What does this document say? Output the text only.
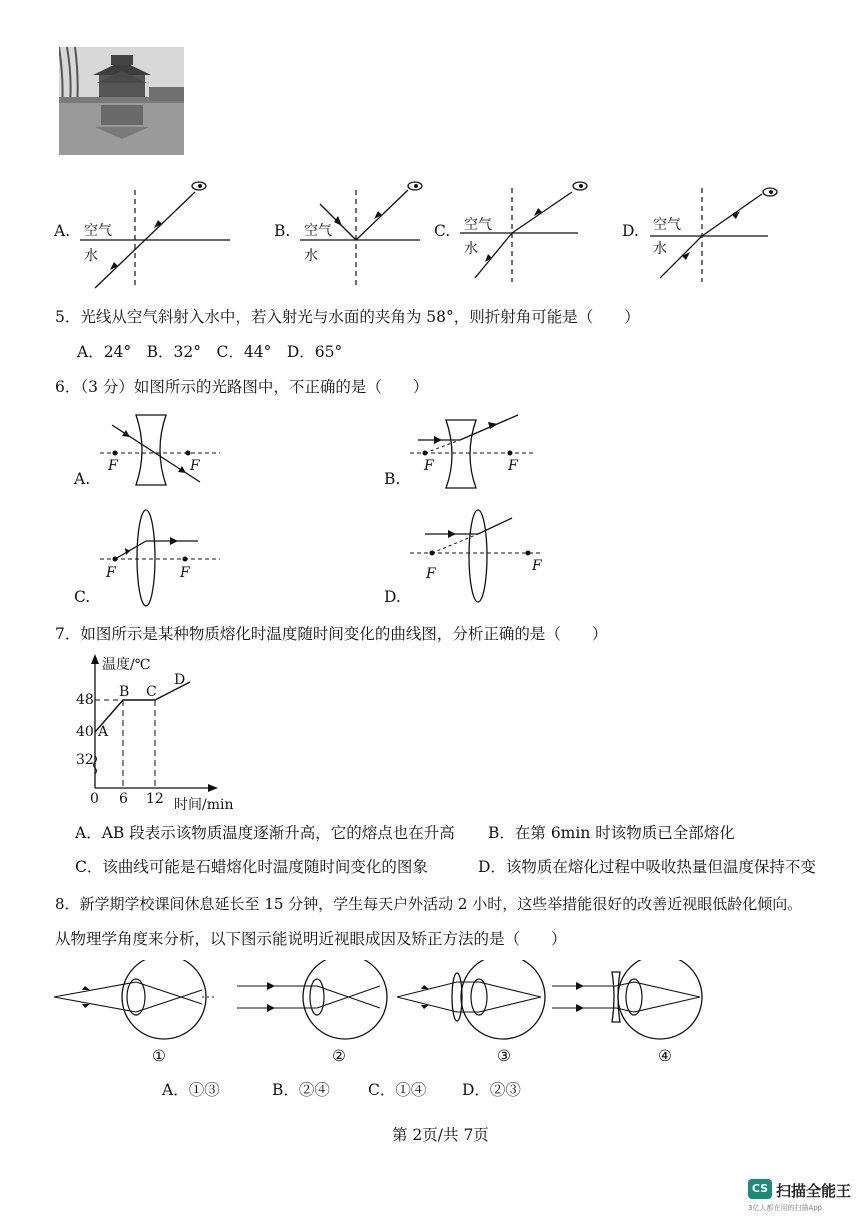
A. 空气
水
B. 空气
水
C. 空气
水
D. 空气
水
5．光线从空气斜射入水中，若入射光与水面的夹角为 58°，则折射角可能是（　　）
A．24°　B．32°　C．44°　D．65°
6．（3 分）如图所示的光路图中，不正确的是（　　）
A.
F	F
B.
F	F
C.
F	F
D.
F	F
7．如图所示是某种物质熔化时温度随时间变化的曲线图，分析正确的是（　　）
温度/℃
时间/min
48
40
32
0 6 12
A
B C
D
A．AB 段表示该物质温度逐渐升高，它的熔点也在升高 B．在第 6min 时该物质已全部熔化
C．该曲线可能是石蜡熔化时温度随时间变化的图象	D．该物质在熔化过程中吸收热量但温度保持不变
8．新学期学校课间休息延长至 15 分钟，学生每天户外活动 2 小时，这些举措能很好的改善近视眼低龄化倾向。
从物理学角度来分析，以下图示能说明近视眼成因及矫正方法的是（　　）
①	②	③	④
A．①③	B．②④ C．①④ D．②③
第 2页/共 7页
CS 扫描全能王
3亿人都在用的扫描App
